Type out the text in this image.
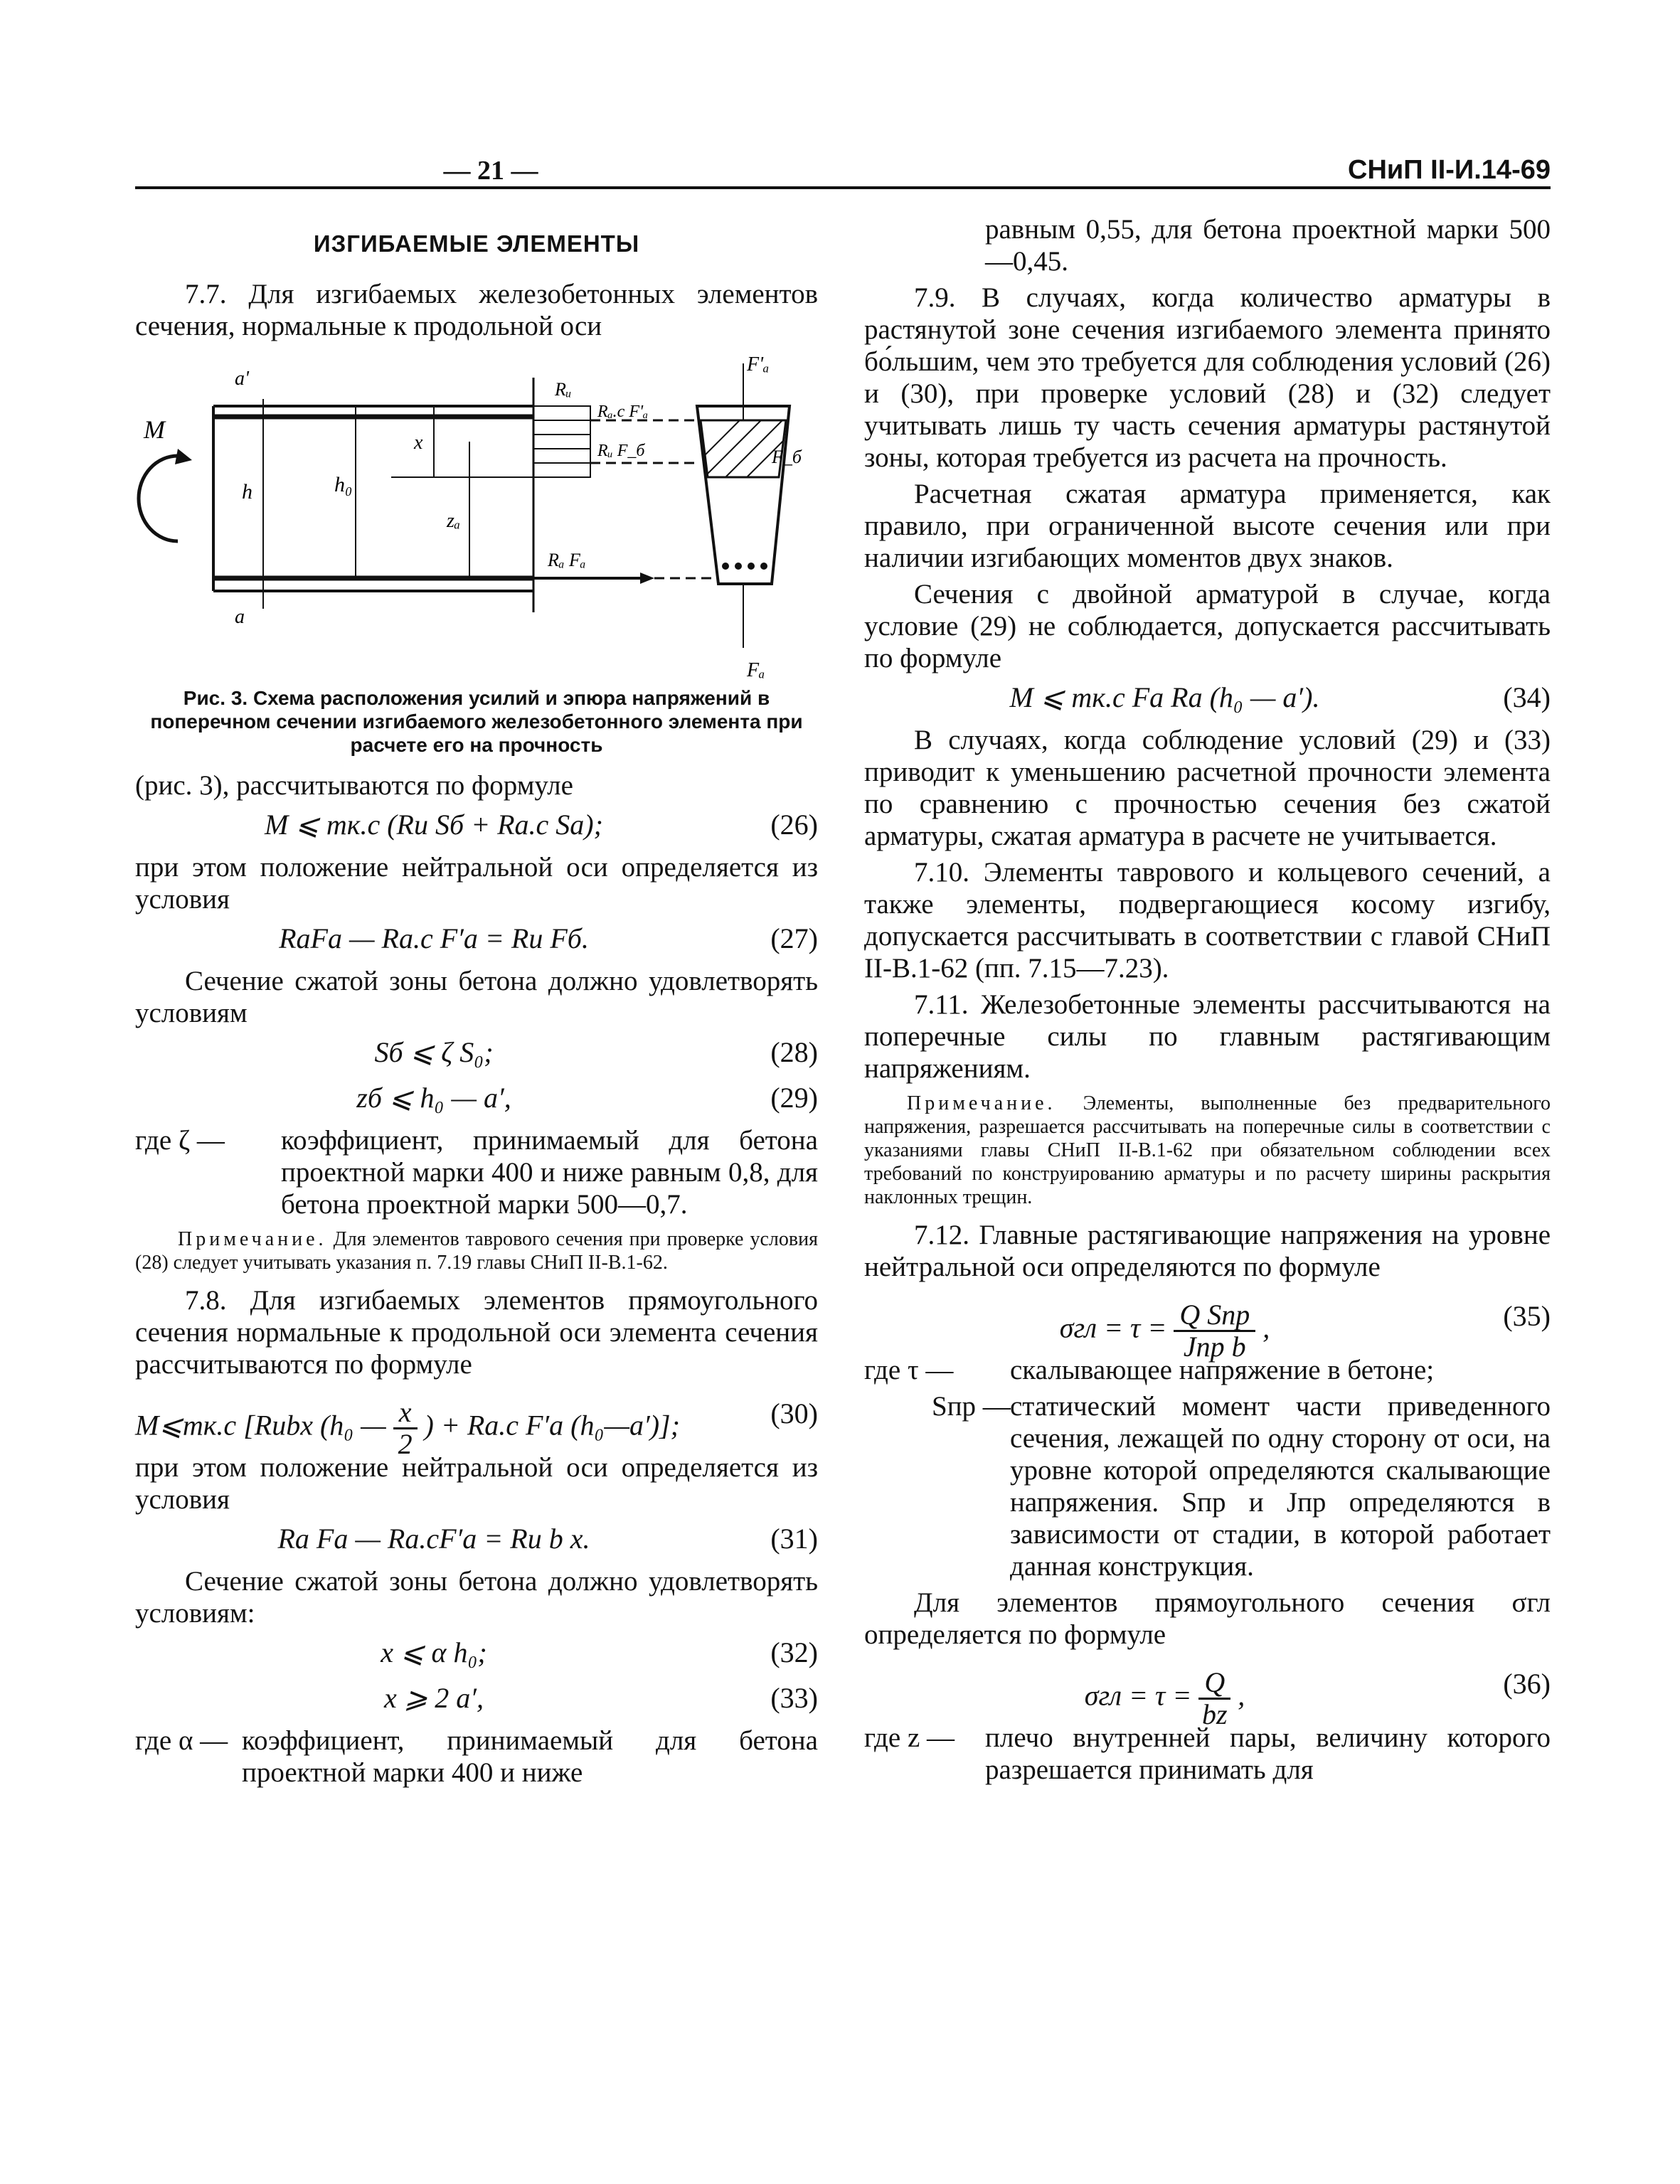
— 21 —	СНиП II-И.14-69
ИЗГИБАЕМЫЕ ЭЛЕМЕНТЫ

7.7. Для изгибаемых железобетонных элементов сечения, нормальные к продольной оси

M
h	h₀
x
zₐ
a'
a
Rᵤ
Rₐ.c F'ₐ
Rᵤ F_б
Rₐ Fₐ
F'ₐ
F_б
Fₐ
Рис. 3. Схема расположения усилий и эпюра напряжений в поперечном сечении изгибаемого железобетонного элемента при расчете его на прочность

(рис. 3), рассчитываются по формуле

M ⩽ mк.с (Rи Sб + Rа.с Sа);	(26)

при этом положение нейтральной оси определяется из условия

RаFа — Rа.с F′а = Rи Fб.	(27)

Сечение сжатой зоны бетона должно удовлетворять условиям

Sб ⩽ ζ S₀;	(28)
zб ⩽ h₀ — a′,	(29)
где ζ — коэффициент, принимаемый для бетона проектной марки 400 и ниже равным 0,8, для бетона проектной марки 500—0,7.

Примечание. Для элементов таврового сечения при проверке условия (28) следует учитывать указания п. 7.19 главы СНиП II-В.1-62.

7.8. Для изгибаемых элементов прямоугольного сечения нормальные к продольной оси элемента сечения рассчитываются по формуле

M⩽mк.с [Rиbx (h₀ — $\frac{x}{2}$ ) + Rа.с F′а (h₀—a′)];	(30)

при этом положение нейтральной оси определяется из условия

Rа Fа — Rа.сF′а = Rи b x.	(31)

Сечение сжатой зоны бетона должно удовлетворять условиям:

x ⩽ α h₀;	(32)
x ⩾ 2 a′,	(33)
где α — коэффициент, принимаемый для бетона проектной марки 400 и ниже

равным 0,55, для бетона проектной марки 500—0,45.

7.9. В случаях, когда количество арматуры в растянутой зоне сечения изгибаемого элемента принято бо́льшим, чем это требуется для соблюдения условий (26) и (30), при проверке условий (28) и (32) следует учитывать лишь ту часть сечения арматуры растянутой зоны, которая требуется из расчета на прочность.

Расчетная сжатая арматура применяется, как правило, при ограниченной высоте сечения или при наличии изгибающих моментов двух знаков.

Сечения с двойной арматурой в случае, когда условие (29) не соблюдается, допускается рассчитывать по формуле

M ⩽ mк.с Fа Rа (h₀ — a′).	(34)

В случаях, когда соблюдение условий (29) и (33) приводит к уменьшению расчетной прочности элемента по сравнению с прочностью сечения без сжатой арматуры, сжатая арматура в расчете не учитывается.

7.10. Элементы таврового и кольцевого сечений, а также элементы, подвергающиеся косому изгибу, допускается рассчитывать в соответствии с главой СНиП II-В.1-62 (пп. 7.15—7.23).

7.11. Железобетонные элементы рассчитываются на поперечные силы по главным растягивающим напряжениям.

Примечание. Элементы, выполненные без предварительного напряжения, разрешается рассчитывать на поперечные силы в соответствии с указаниями главы СНиП II-В.1-62 при обязательном соблюдении всех требований по конструированию арматуры и по расчету ширины раскрытия наклонных трещин.

7.12. Главные растягивающие напряжения на уровне нейтральной оси определяются по формуле

$\sigma гл = \tau = \frac{\text{Q Sпр}}{\text{Jпр b}}$ ,	(35)
где τ — скалывающее напряжение в бетоне;
Sпр — статический момент части приведенного сечения, лежащей по одну сторону от оси, на уровне которой определяются скалывающие напряжения. Sпр и Jпр определяются в зависимости от стадии, в которой работает данная конструкция.

Для элементов прямоугольного сечения σгл определяется по формуле

$\sigma гл = \tau = \frac{Q}{bz}$ ,	(36)
где z — плечо внутренней пары, величину которого разрешается принимать для
